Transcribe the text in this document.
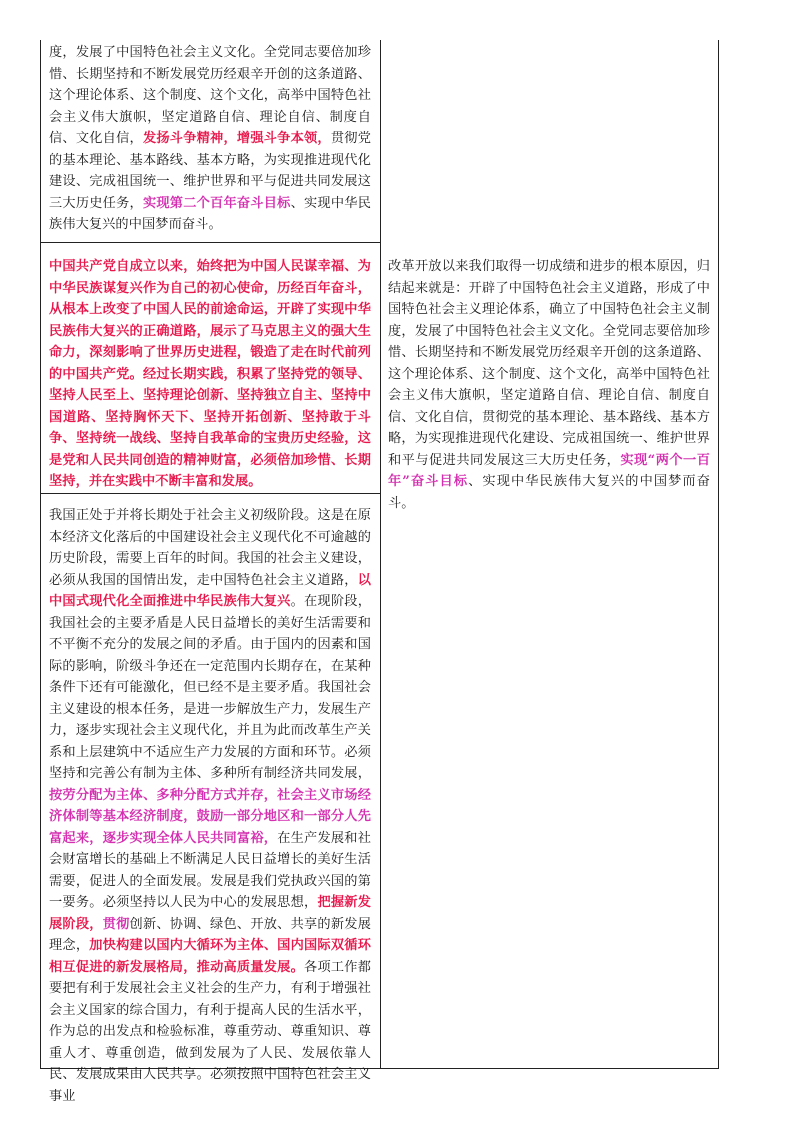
度，发展了中国特色社会主义文化。全党同志要倍加珍惜、长期坚持和不断发展党历经艰辛开创的这条道路、这个理论体系、这个制度、这个文化，高举中国特色社会主义伟大旗帜，坚定道路自信、理论自信、制度自信、文化自信，发扬斗争精神，增强斗争本领，贯彻党的基本理论、基本路线、基本方略，为实现推进现代化建设、完成祖国统一、维护世界和平与促进共同发展这三大历史任务，实现第二个百年奋斗目标、实现中华民族伟大复兴的中国梦而奋斗。
中国共产党自成立以来，始终把为中国人民谋幸福、为中华民族谋复兴作为自己的初心使命，历经百年奋斗，从根本上改变了中国人民的前途命运，开辟了实现中华民族伟大复兴的正确道路，展示了马克思主义的强大生命力，深刻影响了世界历史进程，锻造了走在时代前列的中国共产党。经过长期实践，积累了坚持党的领导、坚持人民至上、坚持理论创新、坚持独立自主、坚持中国道路、坚持胸怀天下、坚持开拓创新、坚持敢于斗争、坚持统一战线、坚持自我革命的宝贵历史经验，这是党和人民共同创造的精神财富，必须倍加珍惜、长期坚持，并在实践中不断丰富和发展。
我国正处于并将长期处于社会主义初级阶段。这是在原本经济文化落后的中国建设社会主义现代化不可逾越的历史阶段，需要上百年的时间。我国的社会主义建设，必须从我国的国情出发，走中国特色社会主义道路，以中国式现代化全面推进中华民族伟大复兴。在现阶段，我国社会的主要矛盾是人民日益增长的美好生活需要和不平衡不充分的发展之间的矛盾。由于国内的因素和国际的影响，阶级斗争还在一定范围内长期存在，在某种条件下还有可能激化，但已经不是主要矛盾。我国社会主义建设的根本任务，是进一步解放生产力，发展生产力，逐步实现社会主义现代化，并且为此而改革生产关系和上层建筑中不适应生产力发展的方面和环节。必须坚持和完善公有制为主体、多种所有制经济共同发展，按劳分配为主体、多种分配方式并存，社会主义市场经济体制等基本经济制度，鼓励一部分地区和一部分人先富起来，逐步实现全体人民共同富裕，在生产发展和社会财富增长的基础上不断满足人民日益增长的美好生活需要，促进人的全面发展。发展是我们党执政兴国的第一要务。必须坚持以人民为中心的发展思想，把握新发展阶段，贯彻创新、协调、绿色、开放、共享的新发展理念，加快构建以国内大循环为主体、国内国际双循环相互促进的新发展格局，推动高质量发展。各项工作都要把有利于发展社会主义社会的生产力，有利于增强社会主义国家的综合国力，有利于提高人民的生活水平，作为总的出发点和检验标准，尊重劳动、尊重知识、尊重人才、尊重创造，做到发展为了人民、发展依靠人民、发展成果由人民共享。必须按照中国特色社会主义事业
改革开放以来我们取得一切成绩和进步的根本原因，归结起来就是：开辟了中国特色社会主义道路，形成了中国特色社会主义理论体系，确立了中国特色社会主义制度，发展了中国特色社会主义文化。全党同志要倍加珍惜、长期坚持和不断发展党历经艰辛开创的这条道路、这个理论体系、这个制度、这个文化，高举中国特色社会主义伟大旗帜，坚定道路自信、理论自信、制度自信、文化自信，贯彻党的基本理论、基本路线、基本方略，为实现推进现代化建设、完成祖国统一、维护世界和平与促进共同发展这三大历史任务，实现“两个一百年”奋斗目标、实现中华民族伟大复兴的中国梦而奋斗。
